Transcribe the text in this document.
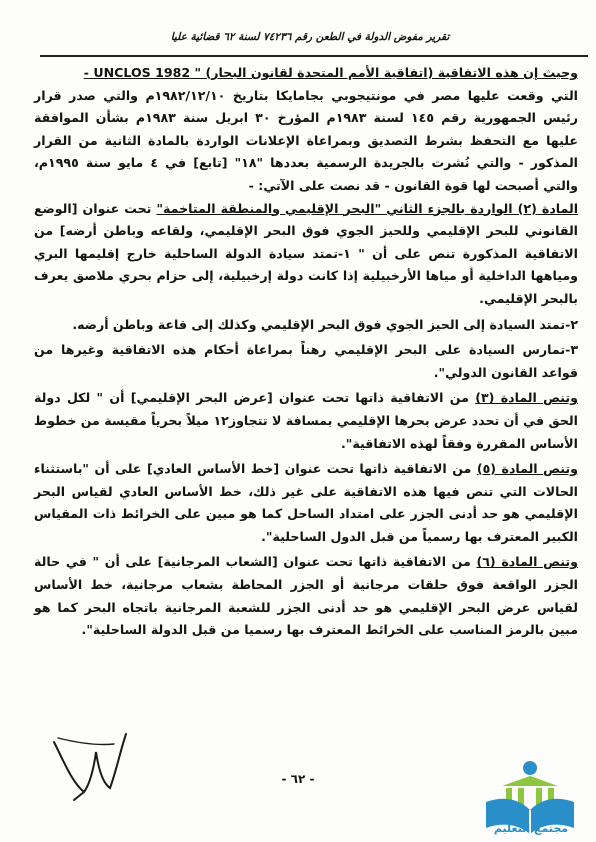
تقرير مفوض الدولة في الطعن رقم ٧٤٢٣٦ لسنة ٦٢ قضائية عليا

وحيث إن هذه الاتفاقية (اتفاقية الأمم المتحدة لقانون البحار) " UNCLOS 1982 -

التي وقعت عليها مصر في مونتيجوبي بجامايكا بتاريخ ١٩٨٢/١٢/١٠م والتي صدر قرار رئيس الجمهورية رقم ١٤٥ لسنة ١٩٨٣م المؤرخ ٣٠ ابريل سنة ١٩٨٣م بشأن الموافقة عليها مع التحفظ بشرط التصديق وبمراعاة الإعلانات الواردة بالمادة الثانية من القرار المذكور - والتي نُشرت بالجريدة الرسمية بعددها "١٨" [تابع] في ٤ مايو سنة ١٩٩٥م، والتي أصبحت لها قوة القانون - قد نصت على الآتي: -

المادة (٢) الواردة بالجزء الثاني "البحر الإقليمي والمنطقة المتاخمة" تحت عنوان [الوضع القانوني للبحر الإقليمي وللحيز الجوي فوق البحر الإقليمي، ولقاعه وباطن أرضه] من الاتفاقية المذكورة تنص على أن " ١-تمتد سيادة الدولة الساحلية خارج إقليمها البري ومياهها الداخلية أو مياها الأرخبيلية إذا كانت دولة إرخبيلية، إلى حزام بحري ملاصق يعرف بالبحر الإقليمي.

٢-تمتد السيادة إلى الحيز الجوي فوق البحر الإقليمي وكذلك إلى قاعة وباطن أرضه.

٣-تمارس السيادة على البحر الإقليمي رهناً بمراعاة أحكام هذه الاتفاقية وغيرها من قواعد القانون الدولي".

وتنص المادة (٣) من الاتفاقية ذاتها تحت عنوان [عرض البحر الإقليمي] أن " لكل دولة الحق في أن تحدد عرض بحرها الإقليمي بمسافة لا تتجاوز١٢ ميلاً بحرياً مقيسة من خطوط الأساس المقررة وفقاً لهذه الاتفاقية".

وتنص المادة (٥) من الاتفاقية ذاتها تحت عنوان [خط الأساس العادي] على أن "باستثناء الحالات التي تنص فيها هذه الاتفاقية على غير ذلك، خط الأساس العادي لقياس البحر الإقليمي هو حد أدنى الجزر على امتداد الساحل كما هو مبين على الخرائط ذات المقياس الكبير المعترف بها رسمياً من قبل الدول الساحلية".

وتنص المادة (٦) من الاتفاقية ذاتها تحت عنوان [الشعاب المرجانية] على أن " في حالة الجزر الواقعة فوق حلقات مرجانية أو الجزر المحاطة بشعاب مرجانية، خط الأساس لقياس عرض البحر الإقليمي هو حد أدنى الجزر للشعبة المرجانية باتجاه البحر كما هو مبين بالرمز المناسب على الخرائط المعترف بها رسميا من قبل الدولة الساحلية".

- ٦٢ -
مجتمع التعليم
